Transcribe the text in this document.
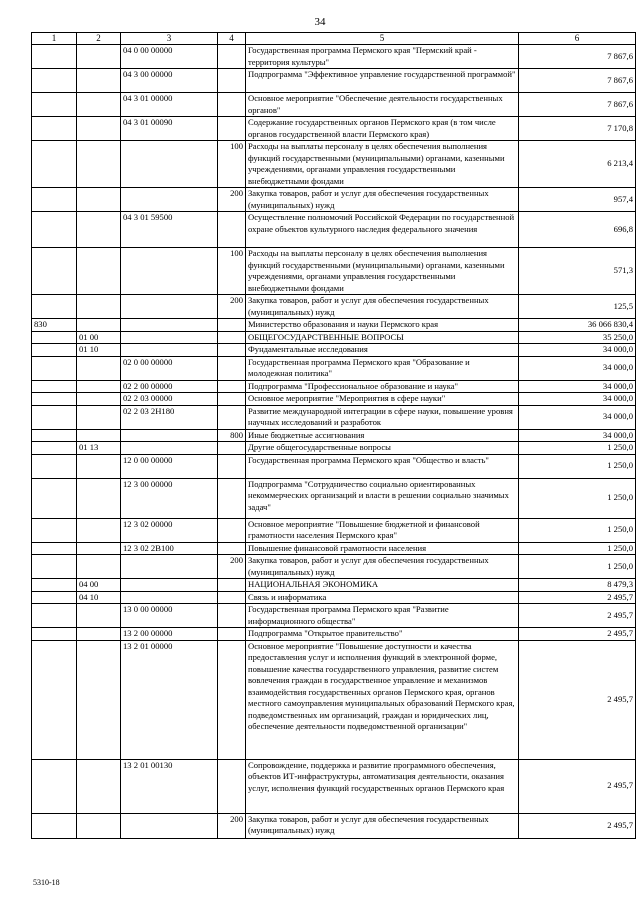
34
1	2	3	4	5	6
		04 0 00 00000		Государственная программа Пермского края "Пермский край - территория культуры"	7 867,6
		04 3 00 00000		Подпрограмма "Эффективное управление государственной программой"	7 867,6
		04 3 01 00000		Основное мероприятие "Обеспечение деятельности государственных органов"	7 867,6
		04 3 01 00090		Содержание государственных органов Пермского края (в том числе органов государственной власти Пермского края)	7 170,8
			100	Расходы на выплаты персоналу в целях обеспечения выполнения функций государственными (муниципальными) органами, казенными учреждениями, органами управления государственными внебюджетными фондами	6 213,4
			200	Закупка товаров, работ и услуг для обеспечения государственных (муниципальных) нужд	957,4
		04 3 01 59500		Осуществление полномочий Российской Федерации по государственной охране объектов культурного наследия федерального значения	696,8
			100	Расходы на выплаты персоналу в целях обеспечения выполнения функций государственными (муниципальными) органами, казенными учреждениями, органами управления государственными внебюджетными фондами	571,3
			200	Закупка товаров, работ и услуг для обеспечения государственных (муниципальных) нужд	125,5
830				Министерство образования и науки Пермского края	36 066 830,4
	01 00			ОБЩЕГОСУДАРСТВЕННЫЕ ВОПРОСЫ	35 250,0
	01 10			Фундаментальные исследования	34 000,0
		02 0 00 00000		Государственная программа Пермского края "Образование и молодежная политика"	34 000,0
		02 2 00 00000		Подпрограмма "Профессиональное образование и наука"	34 000,0
		02 2 03 00000		Основное мероприятие "Мероприятия в сфере науки"	34 000,0
		02 2 03 2Н180		Развитие международной интеграции в сфере науки, повышение уровня научных исследований и разработок	34 000,0
			800	Иные бюджетные ассигнования	34 000,0
	01 13			Другие общегосударственные вопросы	1 250,0
		12 0 00 00000		Государственная программа Пермского края "Общество и власть"	1 250,0
		12 3 00 00000		Подпрограмма "Сотрудничество социально ориентированных некоммерческих организаций и власти в решении социально значимых задач"	1 250,0
		12 3 02 00000		Основное мероприятие "Повышение бюджетной и финансовой грамотности населения Пермского края"	1 250,0
		12 3 02 2В100		Повышение финансовой грамотности населения	1 250,0
			200	Закупка товаров, работ и услуг для обеспечения государственных (муниципальных) нужд	1 250,0
	04 00			НАЦИОНАЛЬНАЯ ЭКОНОМИКА	8 479,3
	04 10			Связь и информатика	2 495,7
		13 0 00 00000		Государственная программа Пермского края "Развитие информационного общества"	2 495,7
		13 2 00 00000		Подпрограмма "Открытое правительство"	2 495,7
		13 2 01 00000		Основное мероприятие "Повышение доступности и качества предоставления услуг и исполнения функций в электронной форме, повышение качества государственного управления, развитие систем вовлечения граждан в государственное управление и механизмов взаимодействия государственных органов Пермского края, органов местного самоуправления муниципальных образований Пермского края, подведомственных им организаций, граждан и юридических лиц, обеспечение деятельности подведомственной организации"	2 495,7
		13 2 01 00130		Сопровождение, поддержка и развитие программного обеспечения, объектов ИТ-инфраструктуры, автоматизация деятельности, оказания услуг, исполнения функций государственных органов Пермского края	2 495,7
			200	Закупка товаров, работ и услуг для обеспечения государственных (муниципальных) нужд	2 495,7
5310-18
